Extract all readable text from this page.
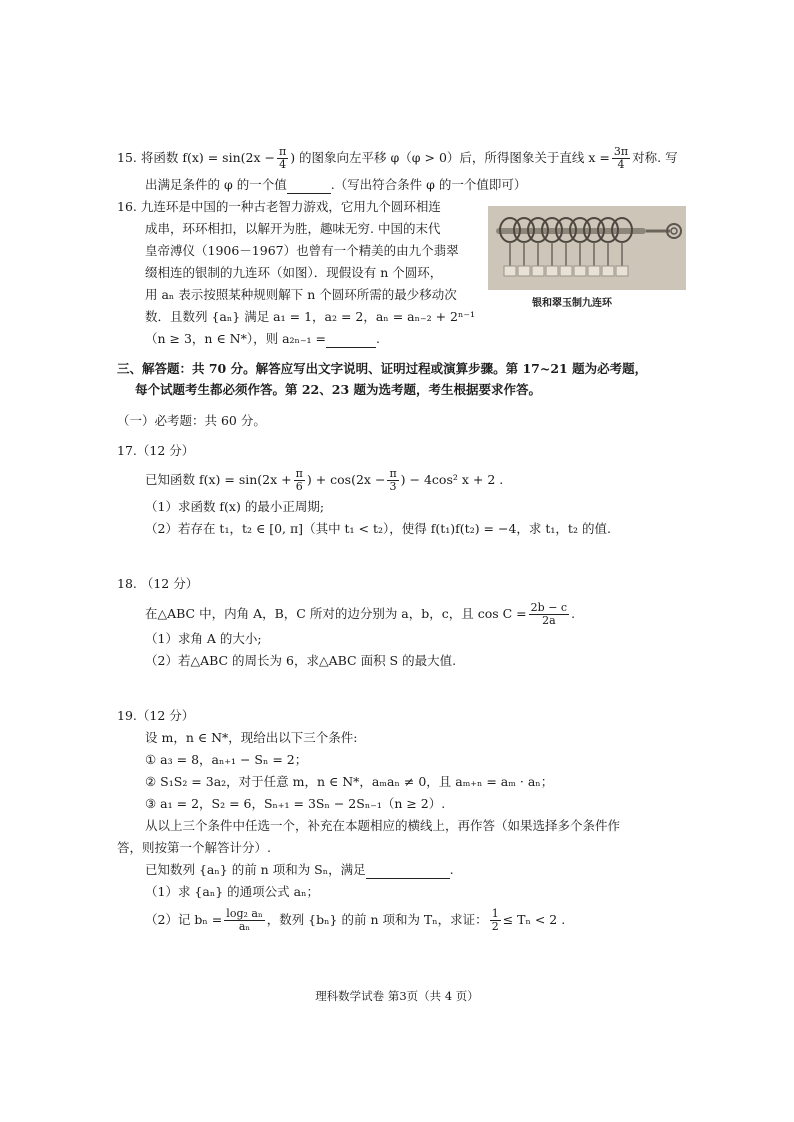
15. 将函数 $f(x) = \sin(2x - \frac{\pi}{4}$ ) 的图象向左平移 φ（φ > 0）后，所得图象关于直线 $x = \frac{3\pi}{4}$ 对称. 写
出满足条件的 φ 的一个值	.（写出符合条件 φ 的一个值即可）
16. 九连环是中国的一种古老智力游戏，它用九个圆环相连
成串，环环相扣，以解开为胜，趣味无穷. 中国的末代
皇帝溥仪（1906－1967）也曾有一个精美的由九个翡翠
缀相连的银制的九连环（如图）．现假设有 n 个圆环，
用 aₙ 表示按照某种规则解下 n 个圆环所需的最少移动次
数．且数列 {aₙ} 满足 a₁ = 1，a₂ = 2，aₙ = aₙ₋₂ + 2ⁿ⁻¹
（n ≥ 3，n ∈ N*），则 a₂ₙ₋₁ =	.
银和翠玉制九连环
三、解答题：共 70 分。解答应写出文字说明、证明过程或演算步骤。第 17~21 题为必考题，
每个试题考生都必须作答。第 22、23 题为选考题，考生根据要求作答。
（一）必考题：共 60 分。
17.（12 分）
已知函数 $f(x) = \sin(2x + \frac{\pi}{6}$ ) + $\cos(2x - \frac{\pi}{3}$ ) − 4cos² x + 2 .
（1）求函数 f(x) 的最小正周期;
（2）若存在 t₁，t₂ ∈ [0, π]（其中 t₁ < t₂），使得 f(t₁)f(t₂) = −4，求 t₁，t₂ 的值.
18. （12 分）
在△ABC 中，内角 A，B，C 所对的边分别为 a，b，c，且 $\cos C = \frac{2b - c}{2a}$ .
（1）求角 A 的大小;
（2）若△ABC 的周长为 6，求△ABC 面积 S 的最大值.
19.（12 分）
设 m，n ∈ N*，现给出以下三个条件:
① a₃ = 8，aₙ₊₁ − Sₙ = 2；
② S₁S₂ = 3a₂，对于任意 m，n ∈ N*，aₘaₙ ≠ 0，且 aₘ₊ₙ = aₘ · aₙ；
③ a₁ = 2，S₂ = 6，Sₙ₊₁ = 3Sₙ − 2Sₙ₋₁（n ≥ 2）.
从以上三个条件中任选一个，补充在本题相应的横线上，再作答（如果选择多个条件作
答，则按第一个解答计分）.
已知数列 {aₙ} 的前 n 项和为 Sₙ，满足	.
（1）求 {aₙ} 的通项公式 aₙ；
（2）记 $b_n = \frac{\text{log₂ aₙ}}{\text{aₙ}}$ ，数列 {bₙ} 的前 n 项和为 Tₙ，求证： $\frac{1}{2} \le T_n < 2$ .
理科数学试卷 第3页（共 4 页）
